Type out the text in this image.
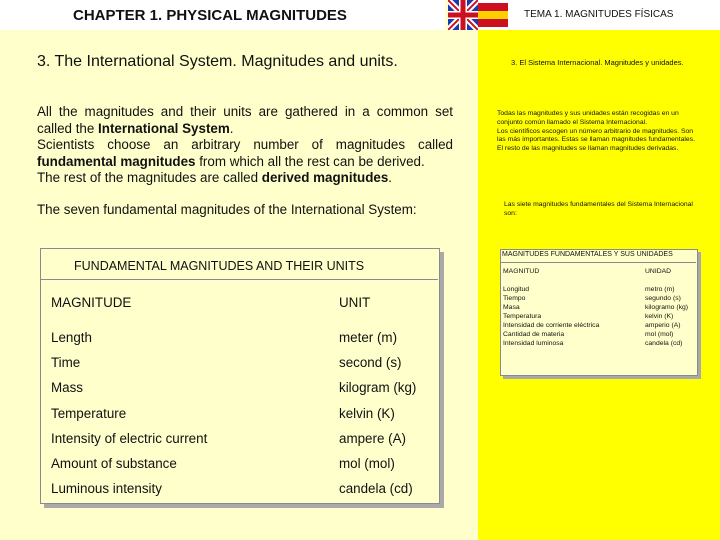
CHAPTER 1. PHYSICAL MAGNITUDES	TEMA 1. MAGNITUDES FÍSICAS
3. The International System. Magnitudes and units.

All the magnitudes and their units are gathered in a common set called the International System.

Scientists choose an arbitrary number of magnitudes called fundamental magnitudes from which all the rest can be derived.

The rest of the magnitudes are called derived magnitudes.

The seven fundamental magnitudes of the International System:
FUNDAMENTAL MAGNITUDES AND THEIR UNITS
MAGNITUDE	UNIT
Length	meter (m)
Time	second (s)
Mass	kilogram (kg)
Temperature	kelvin (K)
Intensity of electric current	ampere (A)
Amount of substance	mol (mol)
Luminous intensity	candela (cd)
3. El Sistema Internacional. Magnitudes y unidades.

Todas las magnitudes y sus unidades están recogidas en un conjunto común llamado el Sistema Internacional.

Los científicos escogen un número arbitrario de magnitudes. Son las más importantes. Estas se llaman magnitudes fundamentales.

El resto de las magnitudes se llaman magnitudes derivadas.

Las siete magnitudes fundamentales del Sistema Internacional son:
MAGNITUDES FUNDAMENTALES Y SUS UNIDADES
MAGNITUD	UNIDAD
Longitud	metro (m)
Tiempo	segundo (s)
Masa	kilogramo (kg)
Temperatura	kelvin (K)
Intensidad de corriente eléctrica	amperio (A)
Cantidad de materia	mol (mol)
Intensidad luminosa	candela (cd)
